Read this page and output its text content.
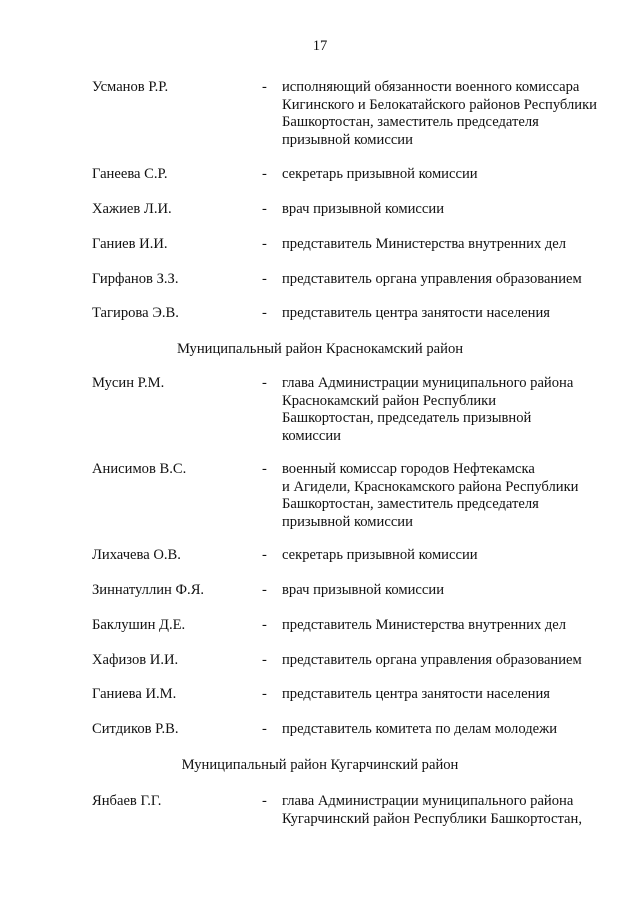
17
Муниципальный район Краснокамский район
Муниципальный район Кугарчинский район
Усманов Р.Р.	- исполняющий обязанности военного комиссара
Кигинского и Белокатайского районов Республики
Башкортостан, заместитель председателя
призывной комиссии
Ганеева С.Р.	- секретарь призывной комиссии
Хажиев Л.И.	- врач призывной комиссии
Ганиев И.И.	- представитель Министерства внутренних дел
Гирфанов З.З.	- представитель органа управления образованием
Тагирова Э.В.	- представитель центра занятости населения
Мусин Р.М.	- глава Администрации муниципального района
Краснокамский район Республики
Башкортостан, председатель призывной
комиссии
Анисимов В.С.	- военный комиссар городов Нефтекамска
и Агидели, Краснокамского района Республики
Башкортостан, заместитель председателя
призывной комиссии
Лихачева О.В.	- секретарь призывной комиссии
Зиннатуллин Ф.Я.	- врач призывной комиссии
Баклушин Д.Е.	- представитель Министерства внутренних дел
Хафизов И.И.	- представитель органа управления образованием
Ганиева И.М.	- представитель центра занятости населения
Ситдиков Р.В.	- представитель комитета по делам молодежи
Янбаев Г.Г.	- глава Администрации муниципального района
Кугарчинский район Республики Башкортостан,
